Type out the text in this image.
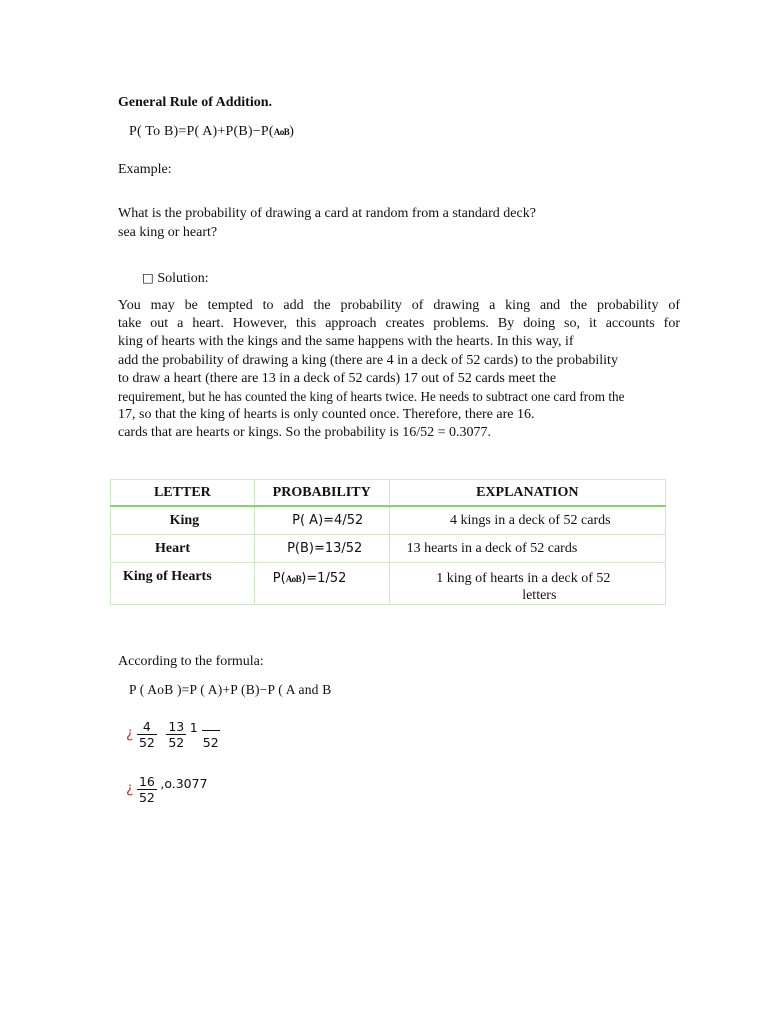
General Rule of Addition.
P( To B)=P( A)+P(B)−P(AoB)
Example:
What is the probability of drawing a card at random from a standard deck?
sea king or heart?
□ Solution:
You may be tempted to add the probability of drawing a king and the probability of
take out a heart. However, this approach creates problems. By doing so, it accounts for
king of hearts with the kings and the same happens with the hearts. In this way, if
add the probability of drawing a king (there are 4 in a deck of 52 cards) to the probability
to draw a heart (there are 13 in a deck of 52 cards) 17 out of 52 cards meet the
requirement, but he has counted the king of hearts twice. He needs to subtract one card from the
17, so that the king of hearts is only counted once. Therefore, there are 16.
cards that are hearts or kings. So the probability is 16/52 = 0.3077.
LETTER	PROBABILITY	EXPLANATION
King	P( A)=4/52	4 kings in a deck of 52 cards
Heart	P(B)=13/52	13 hearts in a deck of 52 cards

King of Hearts	P(AoB)=1/52	1 king of hearts in a deck of 52
letters
According to the formula:
P ( AoB )=P ( A)+P (B)−P ( A and B
¿ $\frac{4}{52}$
$\frac{13}{52}$
1
52
¿ $\frac{16}{52} ,o.3077$
